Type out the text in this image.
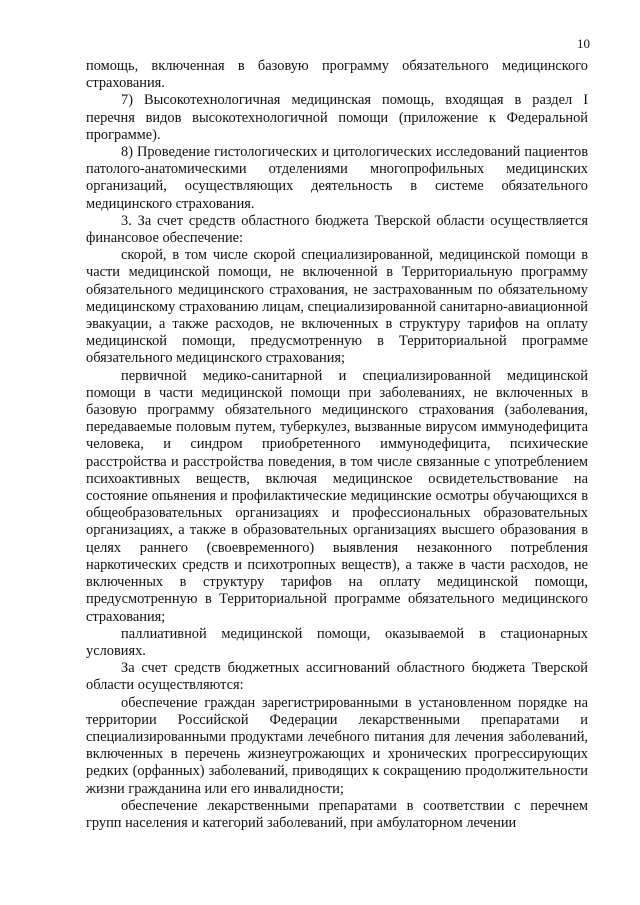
10

помощь, включенная в базовую программу обязательного медицинского страхования.

7) Высокотехнологичная медицинская помощь, входящая в раздел I перечня видов высокотехнологичной помощи (приложение к Федеральной программе).

8) Проведение гистологических и цитологических исследований пациентов патолого-анатомическими отделениями многопрофильных медицинских организаций, осуществляющих деятельность в системе обязательного медицинского страхования.

3. За счет средств областного бюджета Тверской области осуществляется финансовое обеспечение:

скорой, в том числе скорой специализированной, медицинской помощи в части медицинской помощи, не включенной в Территориальную программу обязательного медицинского страхования, не застрахованным по обязательному медицинскому страхованию лицам, специализированной санитарно-авиационной эвакуации, а также расходов, не включенных в структуру тарифов на оплату медицинской помощи, предусмотренную в Территориальной программе обязательного медицинского страхования;

первичной медико-санитарной и специализированной медицинской помощи в части медицинской помощи при заболеваниях, не включенных в базовую программу обязательного медицинского страхования (заболевания, передаваемые половым путем, туберкулез, вызванные вирусом иммунодефицита человека, и синдром приобретенного иммунодефицита, психические расстройства и расстройства поведения, в том числе связанные с употреблением психоактивных веществ, включая медицинское освидетельствование на состояние опьянения и профилактические медицинские осмотры обучающихся в общеобразовательных организациях и профессиональных образовательных организациях, а также в образовательных организациях высшего образования в целях раннего (своевременного) выявления незаконного потребления наркотических средств и психотропных веществ), а также в части расходов, не включенных в структуру тарифов на оплату медицинской помощи, предусмотренную в Территориальной программе обязательного медицинского страхования;

паллиативной медицинской помощи, оказываемой в стационарных условиях.

За счет средств бюджетных ассигнований областного бюджета Тверской области осуществляются:

обеспечение граждан зарегистрированными в установленном порядке на территории Российской Федерации лекарственными препаратами и специализированными продуктами лечебного питания для лечения заболеваний, включенных в перечень жизнеугрожающих и хронических прогрессирующих редких (орфанных) заболеваний, приводящих к сокращению продолжительности жизни гражданина или его инвалидности;

обеспечение лекарственными препаратами в соответствии с перечнем групп населения и категорий заболеваний, при амбулаторном лечении
